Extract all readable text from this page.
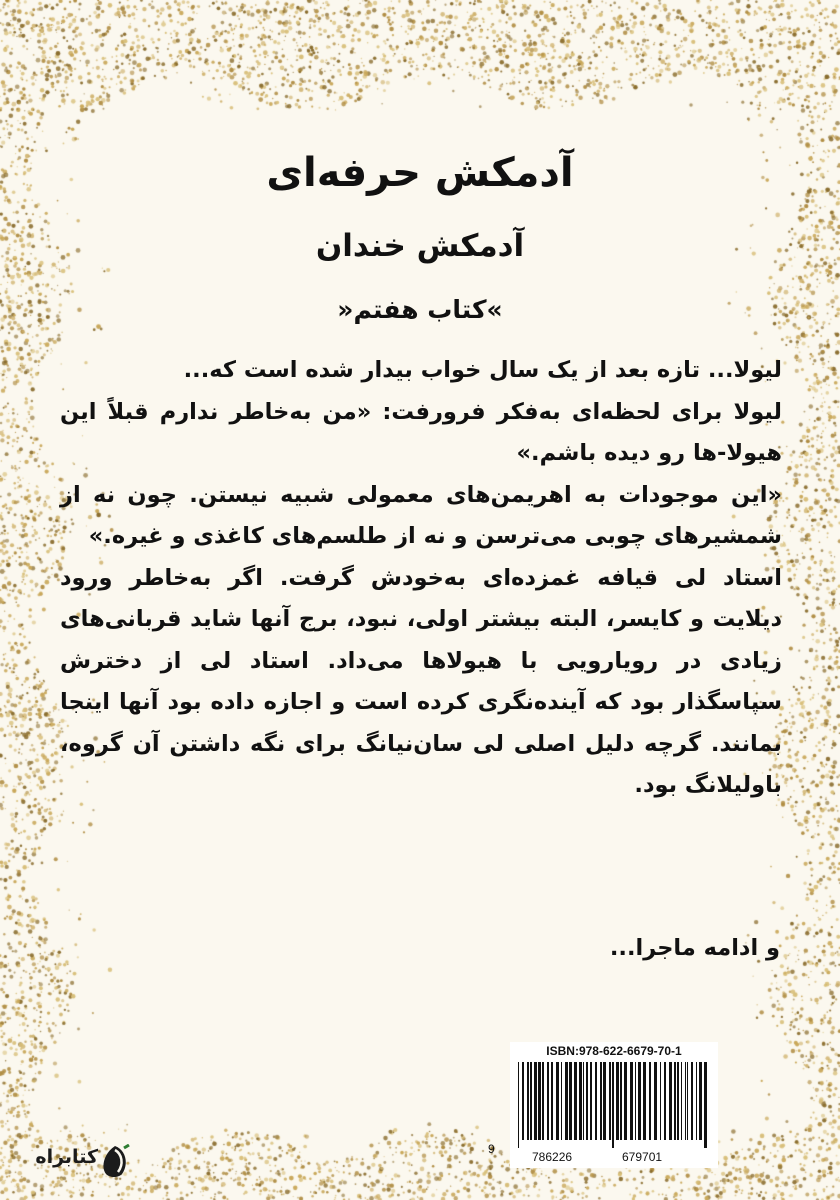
آدمکش حرفه‌ای
آدمکش خندان
»کتاب هفتم«

لیولا... تازه بعد از یک سال خواب بیدار شده است که...

لیولا برای لحظه‌ای به‌فکر فرورفت: «من به‌خاطر ندارم قبلاً این هیولا-ها رو دیده باشم.»

«این موجودات به اهریمن‌های معمولی شبیه نیستن. چون نه از شمشیرهای چوبی می‌ترسن و نه از طلسم‌های کاغذی و غیره.»

استاد لی قیافه غمزده‌ای به‌خودش گرفت. اگر به‌خاطر ورود دیلایت و کایسر، البته بیشتر اولی، نبود، برج آنها شاید قربانی‌های زیادی در رویارویی با هیولاها می‌داد. استاد لی از دخترش سپاسگذار بود که آینده‌نگری کرده است و اجازه داده بود آنها اینجا بمانند. گرچه دلیل اصلی لی سان‌نیانگ برای نگه داشتن آن گروه، باولیلانگ بود.

و ادامه ماجرا...
ISBN:978-622-6679-70-1
9
786226	679701
کتابراه
